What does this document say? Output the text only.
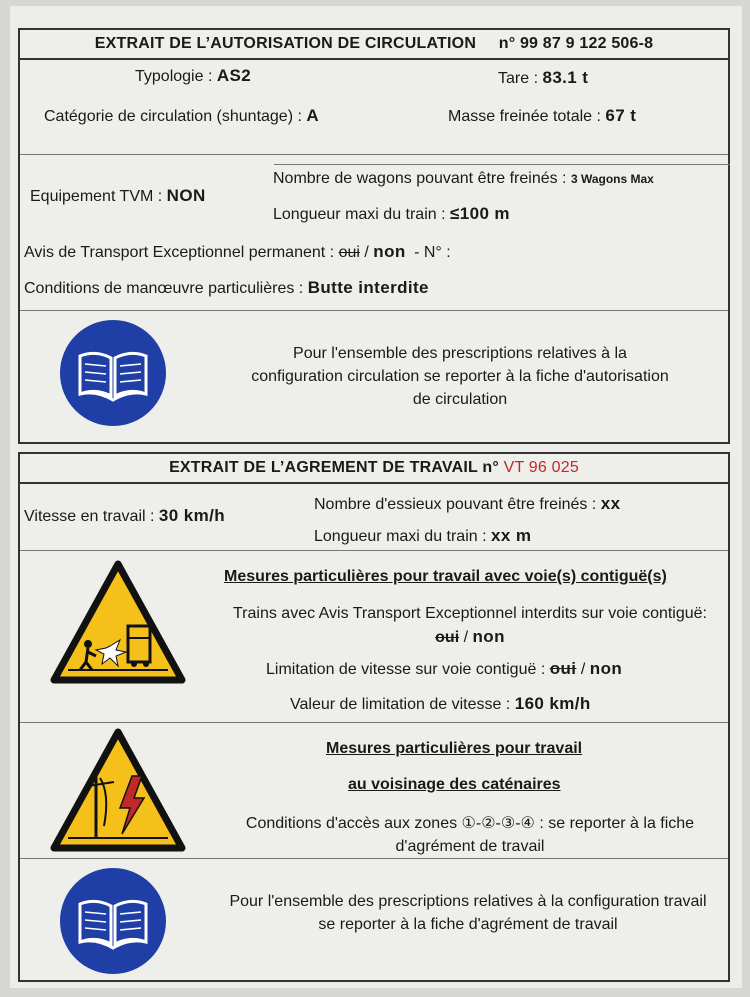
EXTRAIT DE L’AUTORISATION DE CIRCULATION n° 99 87 9 122 506-8
Typologie : AS2	Tare : 83.1 t
Catégorie de circulation (shuntage) : A	Masse freinée totale : 67 t
Equipement TVM : NON
Nombre de wagons pouvant être freinés : 3 Wagons Max
Longueur maxi du train : ≤100 m
Avis de Transport Exceptionnel permanent : oui / non - N° :
Conditions de manœuvre particulières : Butte interdite
Pour l'ensemble des prescriptions relatives à la configuration circulation se reporter à la fiche d'autorisation de circulation
EXTRAIT DE L’AGREMENT DE TRAVAIL n° VT 96 025
Vitesse en travail : 30 km/h
Nombre d'essieux pouvant être freinés : xx
Longueur maxi du train : xx m
Mesures particulières pour travail avec voie(s) contiguë(s)
Trains avec Avis Transport Exceptionnel interdits sur voie contiguë: oui / non
Limitation de vitesse sur voie contiguë : oui / non
Valeur de limitation de vitesse : 160 km/h
Mesures particulières pour travail
au voisinage des caténaires
Conditions d'accès aux zones ①-②-③-④ : se reporter à la fiche d'agrément de travail
Pour l'ensemble des prescriptions relatives à la configuration travail se reporter à la fiche d'agrément de travail
